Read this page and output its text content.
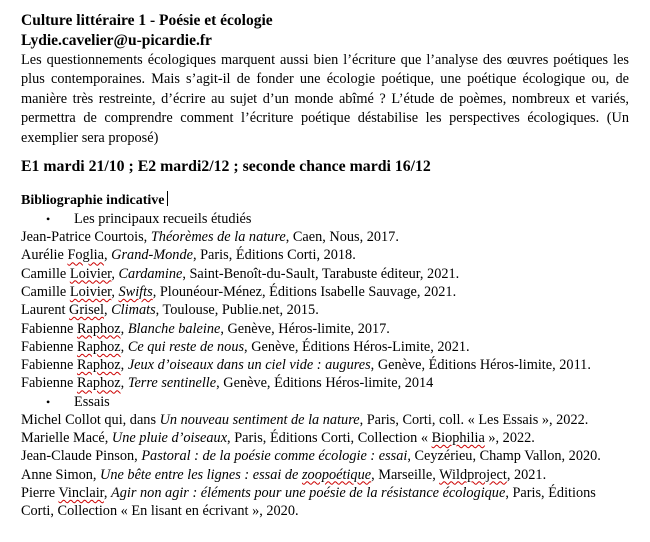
Culture littéraire 1 - Poésie et écologie
Lydie.cavelier@u-picardie.fr

Les questionnements écologiques marquent aussi bien l’écriture que l’analyse des œuvres poétiques les plus contemporaines. Mais s’agit-il de fonder une écologie poétique, une poétique écologique ou, de manière très restreinte, d’écrire au sujet d’un monde abîmé ? L’étude de poèmes, nombreux et variés, permettra de comprendre comment l’écriture poétique déstabilise les perspectives écologiques. (Un exemplier sera proposé)

E1 mardi 21/10 ; E2 mardi2/12 ; seconde chance mardi 16/12
Bibliographie indicative
• Les principaux recueils étudiés
Jean-Patrice Courtois, Théorèmes de la nature, Caen, Nous, 2017.
Aurélie Foglia, Grand-Monde, Paris, Éditions Corti, 2018.
Camille Loivier, Cardamine, Saint-Benoît-du-Sault, Tarabuste éditeur, 2021.
Camille Loivier, Swifts, Plounéour-Ménez, Éditions Isabelle Sauvage, 2021.
Laurent Grisel, Climats, Toulouse, Publie.net, 2015.
Fabienne Raphoz, Blanche baleine, Genève, Héros-limite, 2017.
Fabienne Raphoz, Ce qui reste de nous, Genève, Éditions Héros-Limite, 2021.
Fabienne Raphoz, Jeux d’oiseaux dans un ciel vide : augures, Genève, Éditions Héros-limite, 2011.
Fabienne Raphoz, Terre sentinelle, Genève, Éditions Héros-limite, 2014
• Essais
Michel Collot qui, dans Un nouveau sentiment de la nature, Paris, Corti, coll. « Les Essais », 2022.
Marielle Macé, Une pluie d’oiseaux, Paris, Éditions Corti, Collection « Biophilia », 2022.
Jean-Claude Pinson, Pastoral : de la poésie comme écologie : essai, Ceyzérieu, Champ Vallon, 2020.
Anne Simon, Une bête entre les lignes : essai de zoopoétique, Marseille, Wildproject, 2021.
Pierre Vinclair, Agir non agir : éléments pour une poésie de la résistance écologique, Paris, Éditions Corti, Collection « En lisant en écrivant », 2020.
